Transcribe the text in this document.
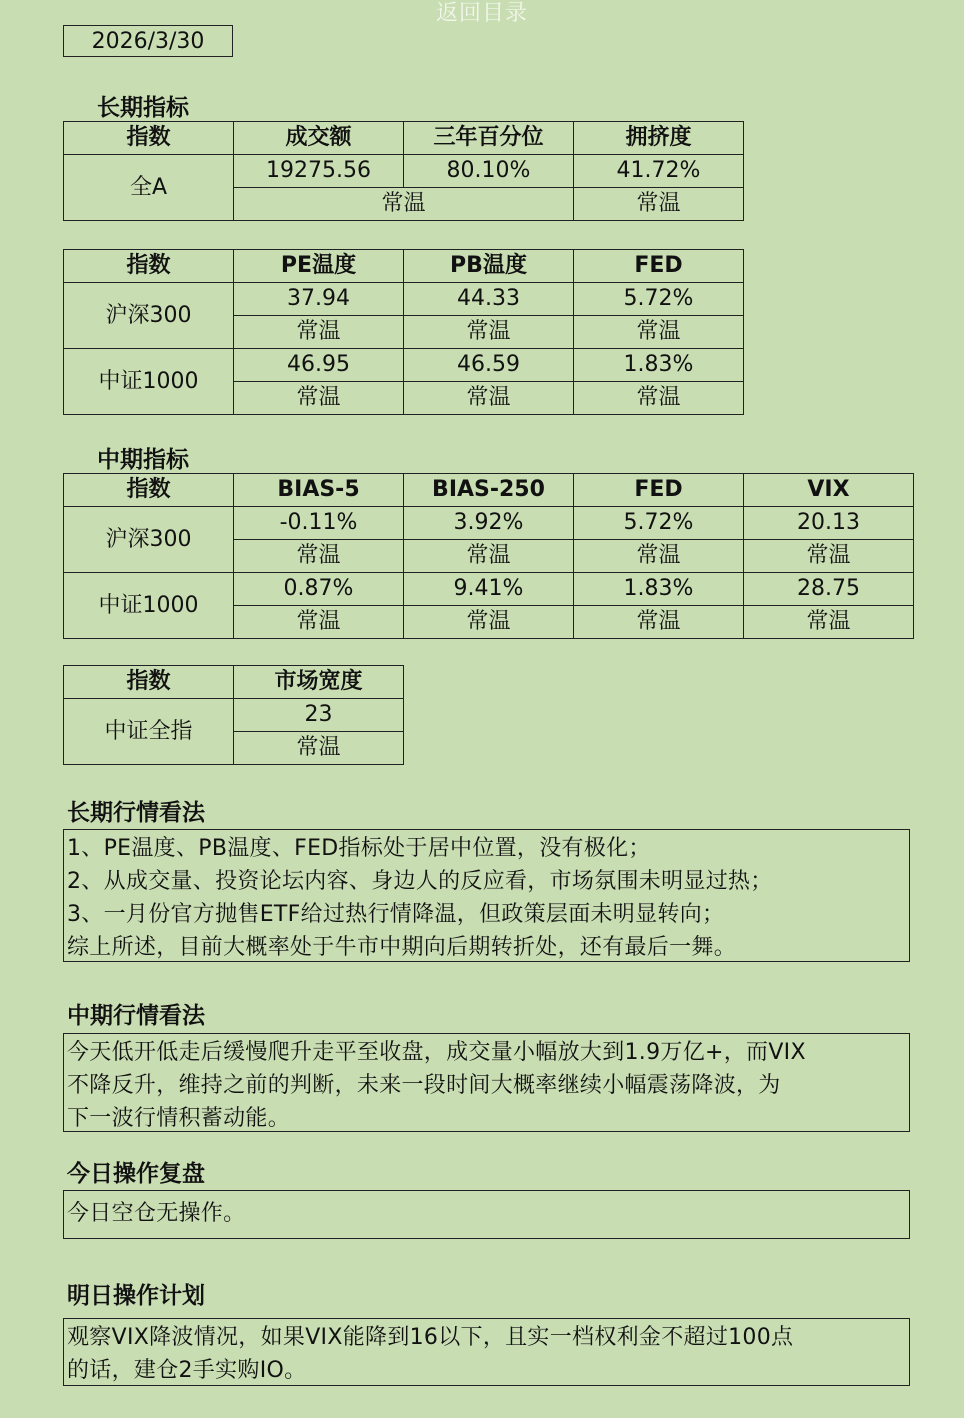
返回目录
2026/3/30
长期指标
指数	成交额	三年百分位	拥挤度
全A	19275.56	80.10%	41.72%
	常温		常温
指数	PE温度	PB温度	FED
沪深300	37.94	44.33	5.72%
	常温	常温	常温
中证1000	46.95	46.59	1.83%
	常温	常温	常温
中期指标
指数	BIAS-5	BIAS-250	FED	VIX
沪深300	-0.11%	3.92%	5.72%	20.13
	常温	常温	常温	常温
中证1000	0.87%	9.41%	1.83%	28.75
	常温	常温	常温	常温
指数	市场宽度
中证全指	23
	常温
长期行情看法
1、PE温度、PB温度、FED指标处于居中位置，没有极化；
2、从成交量、投资论坛内容、身边人的反应看，市场氛围未明显过热；
3、一月份官方抛售ETF给过热行情降温，但政策层面未明显转向；
综上所述，目前大概率处于牛市中期向后期转折处，还有最后一舞。
中期行情看法
今天低开低走后缓慢爬升走平至收盘，成交量小幅放大到1.9万亿+，而VIX
不降反升，维持之前的判断，未来一段时间大概率继续小幅震荡降波，为
下一波行情积蓄动能。
今日操作复盘
今日空仓无操作。
明日操作计划
观察VIX降波情况，如果VIX能降到16以下，且实一档权利金不超过100点
的话，建仓2手实购IO。
